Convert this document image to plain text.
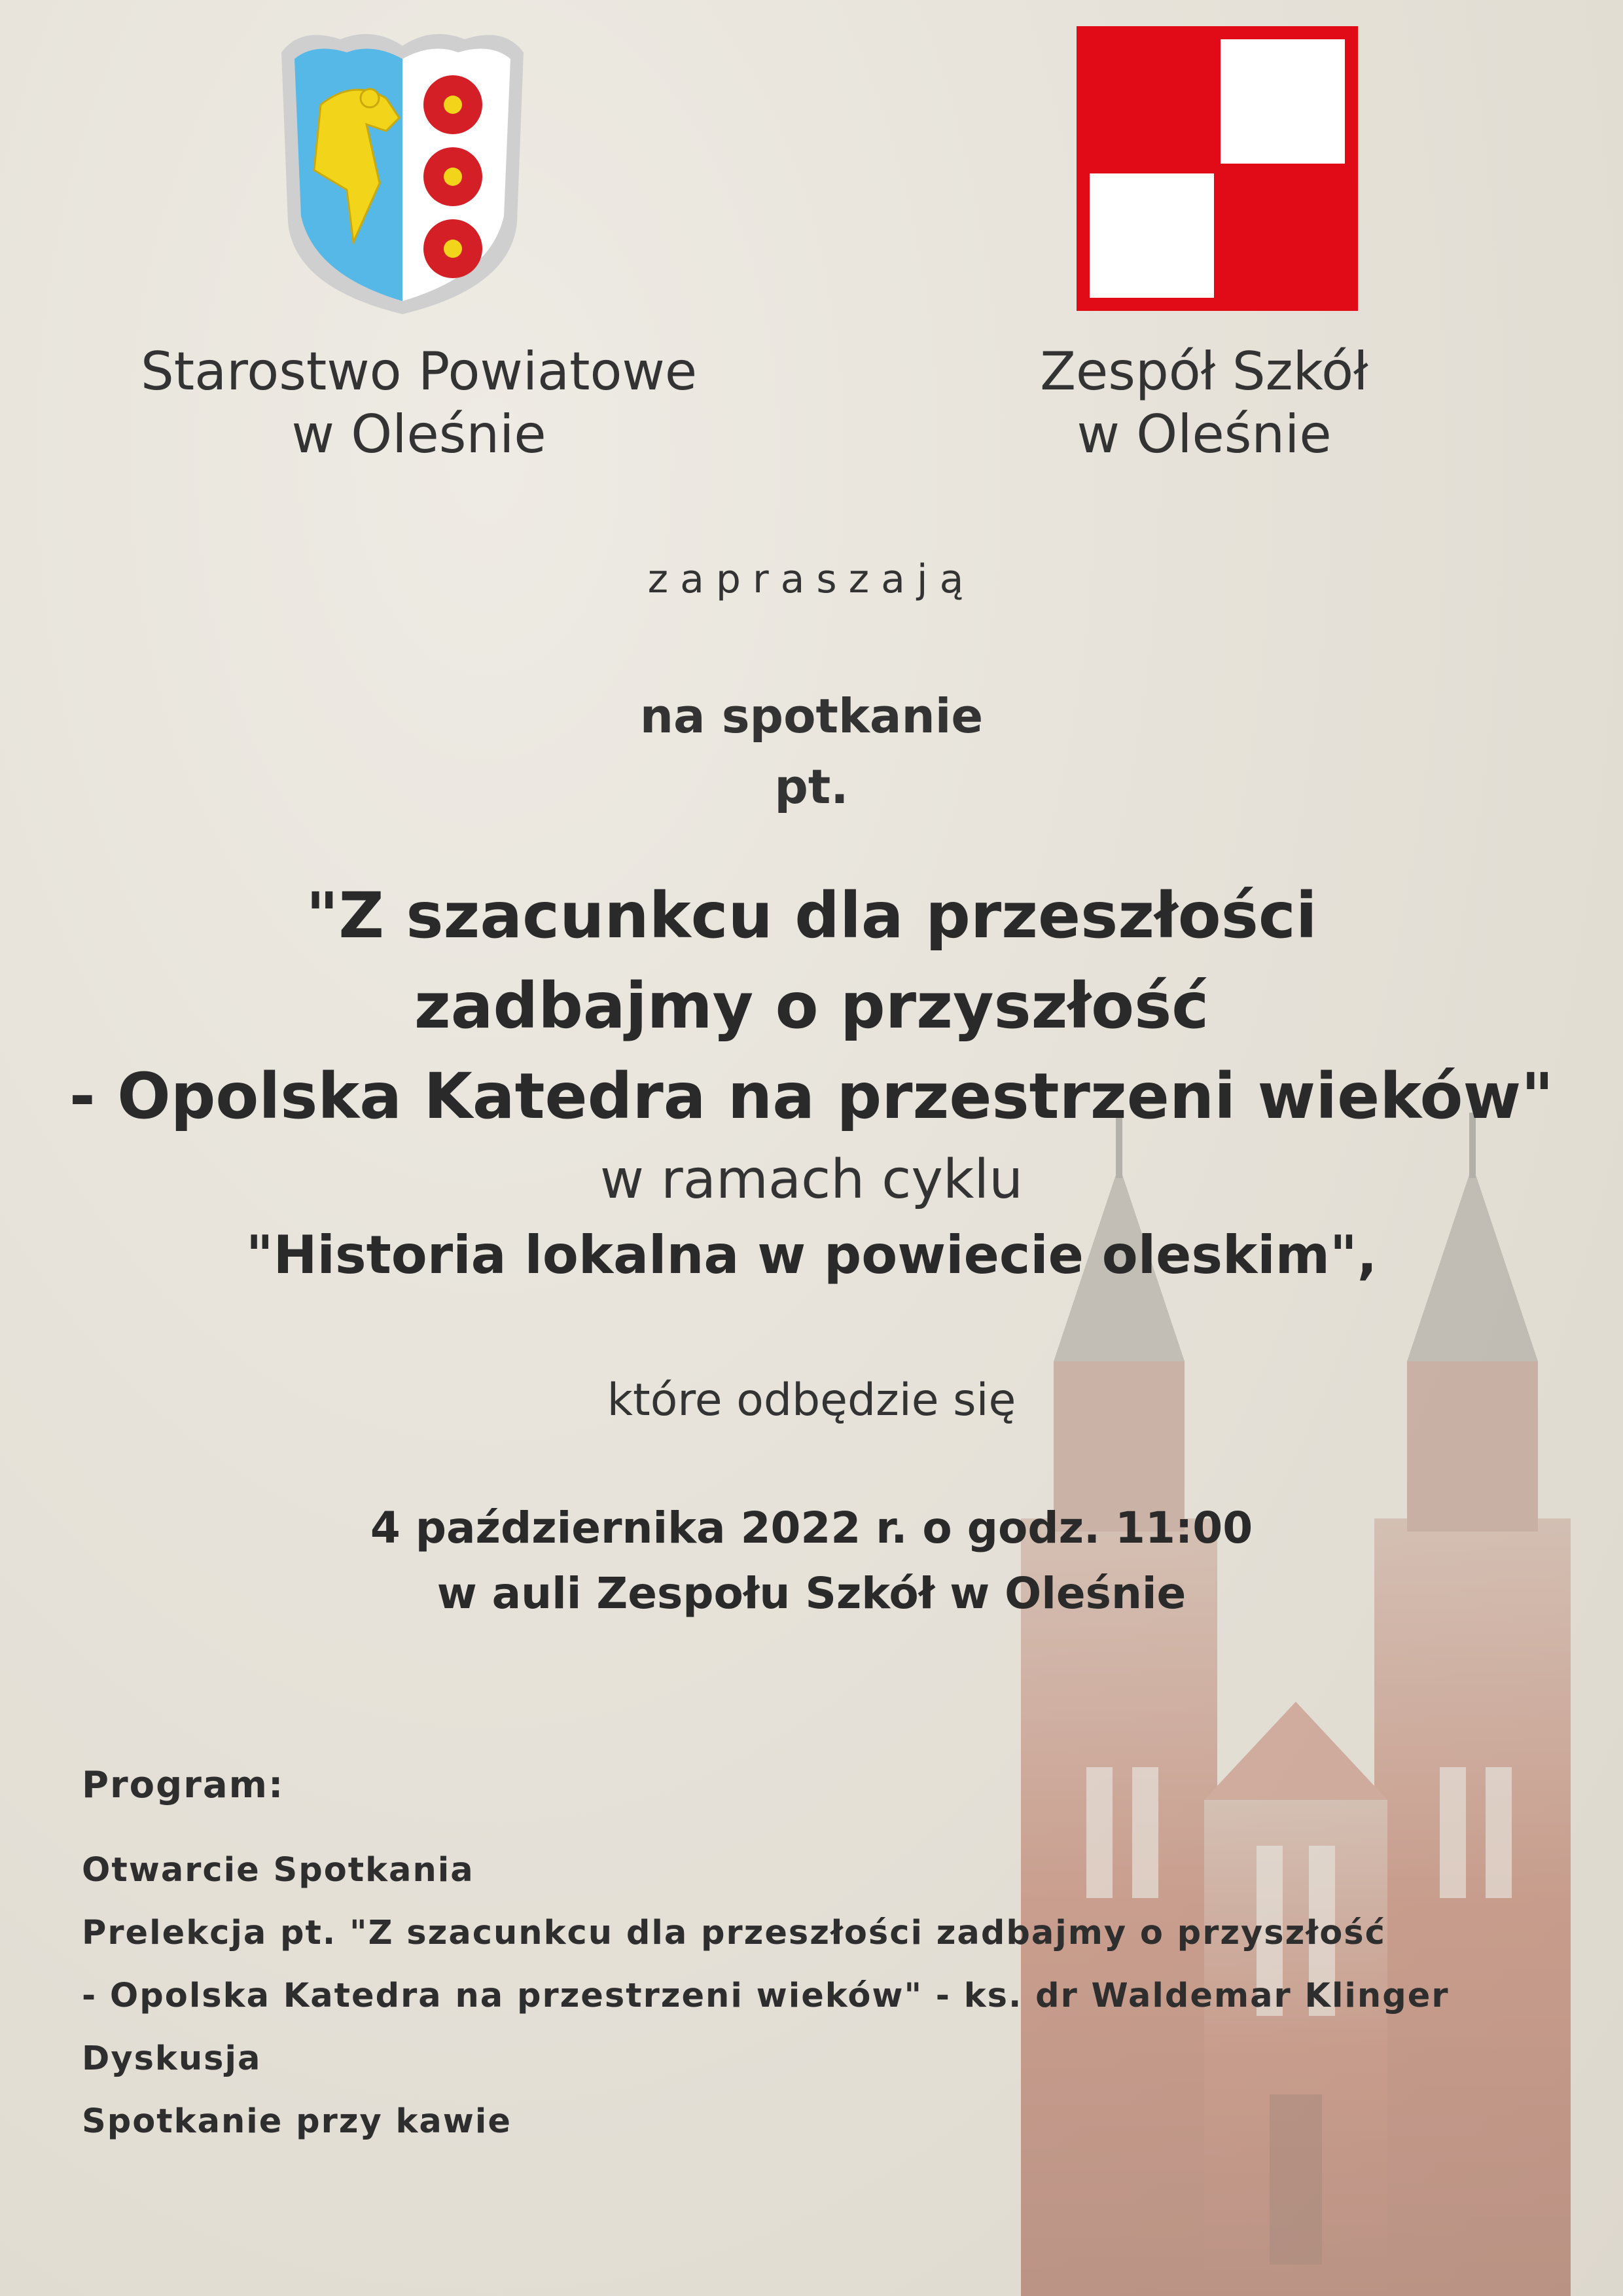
Starostwo Powiatowe
w Oleśnie
Zespół Szkół
w Oleśnie
zapraszają
na spotkanie
pt.
"Z szacunkcu dla przeszłości
zadbajmy o przyszłość
- Opolska Katedra na przestrzeni wieków"
w ramach cyklu
"Historia lokalna w powiecie oleskim",
które odbędzie się
4 października 2022 r. o godz. 11:00
w auli Zespołu Szkół w Oleśnie
Program:
Otwarcie Spotkania
Prelekcja pt. "Z szacunkcu dla przeszłości zadbajmy o przyszłość
- Opolska Katedra na przestrzeni wieków" - ks. dr Waldemar Klinger
Dyskusja
Spotkanie przy kawie
